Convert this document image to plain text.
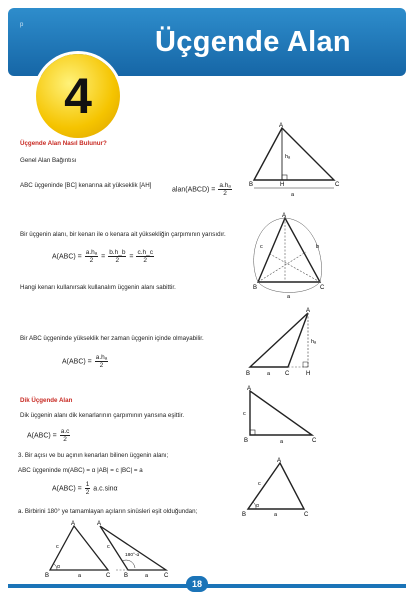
p
Üçgende Alan
4
Üçgende Alan Nasıl Bulunur?
Genel Alan Bağıntısı
ABC üçgeninde [BC] kenarına ait yükseklik [AH]
alan(ABCD) = $\frac{\text{a.hₐ}}{2}$
A
B	C
H
hₐ
a
Bir üçgenin alanı, bir kenarı ile o kenara ait yüksekliğin çarpımının yarısıdır.
$A(ABC) = \frac{\text{a.hₐ}}{2} = \frac{b.h\_b}{2} = \frac{c.h\_c}{2}$
A
B	C
c	b
a
Hangi kenarı kullanırsak kullanalım üçgenin alanı sabittir.
Bir ABC üçgeninde yükseklik her zaman üçgenin içinde olmayabilir.
$A(ABC) = \frac{\text{a.hₐ}}{2}$
A
B	C	H
hₐ
a
Dik Üçgende Alan
Dik üçgenin alanı dik kenarlarının çarpımının yarısına eşittir.
$A(ABC) = \frac{a.c}{2}$
A
B	C
c
a
3. Bir açısı ve bu açının kenarları bilinen üçgenin alanı;
ABC üçgeninde m(ABC) = α |AB| = c |BC| = a
$A(ABC) = \frac{1}{2} a.c.\sin\alpha$
A
B	C
c
a
α
a. Birbirini 180° ye tamamlayan açıların sinüsleri eşit olduğundan;
A
B	C
c
a
α
A
B	C
c
a
180°-α
18
